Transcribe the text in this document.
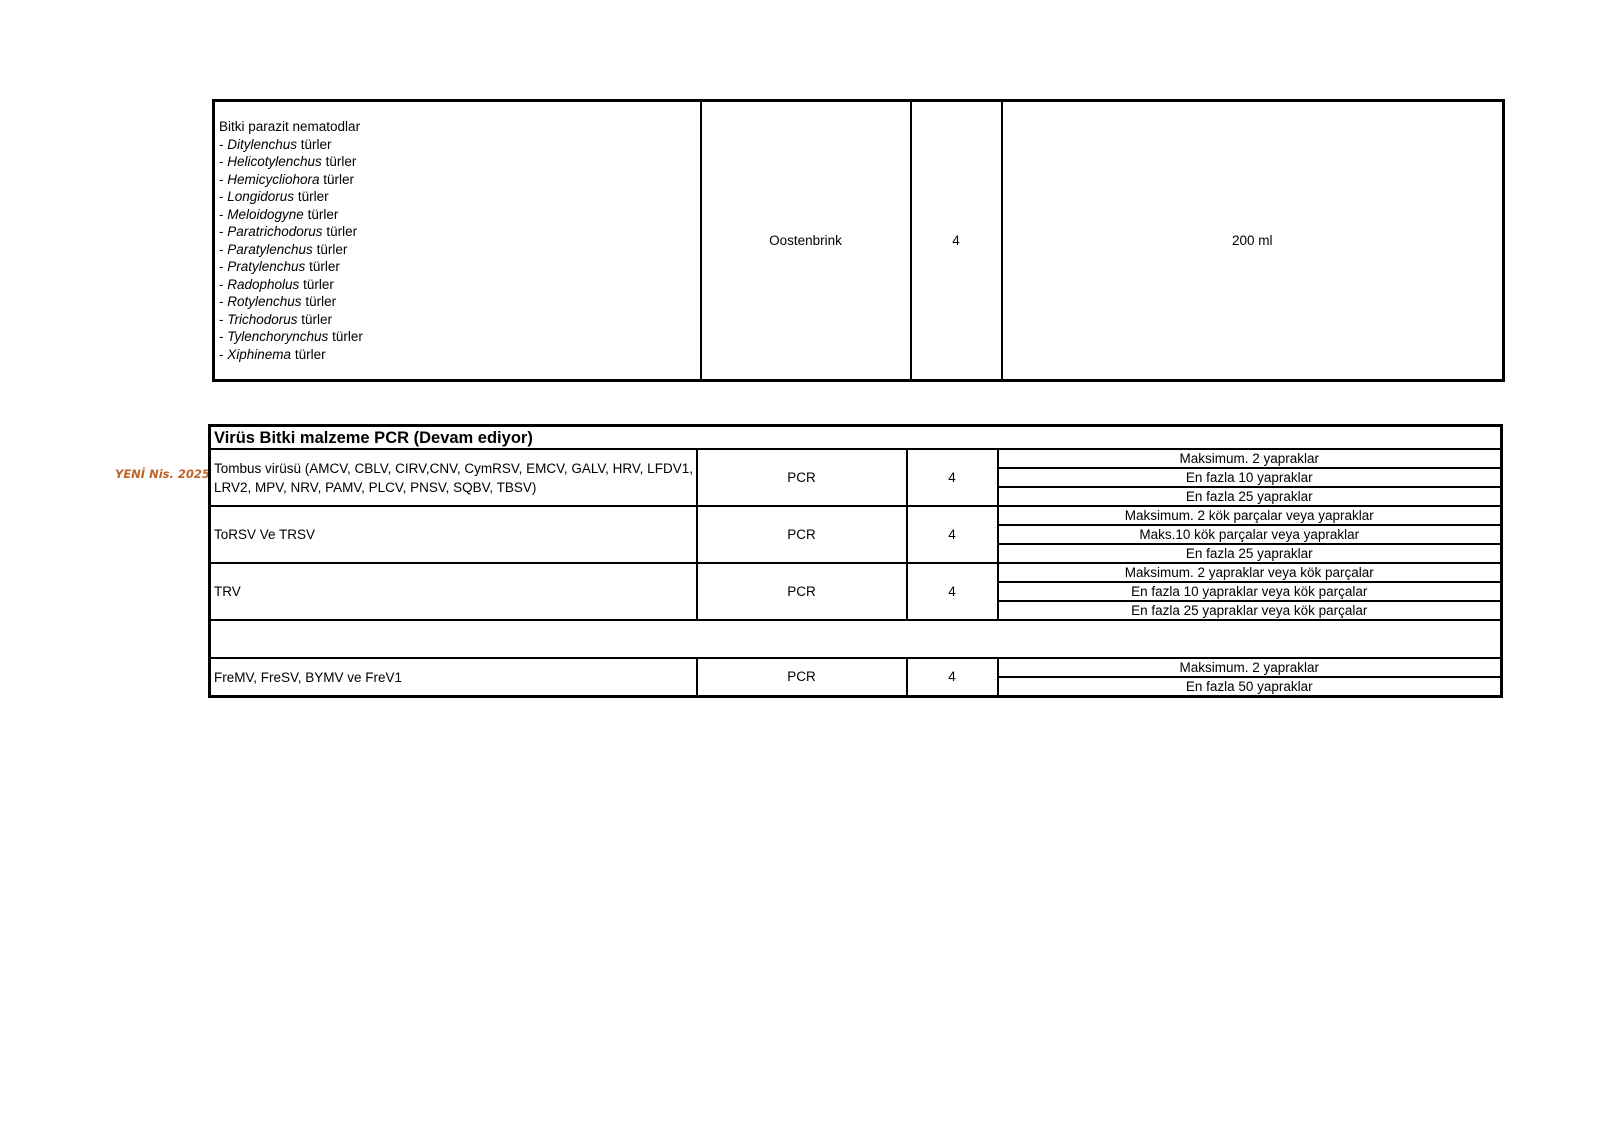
Bitki parazit nematodlar
- Ditylenchus türler
- Helicotylenchus türler
- Hemicycliohora türler
- Longidorus türler
- Meloidogyne türler
- Paratrichodorus türler
- Paratylenchus türler
- Pratylenchus türler
- Radopholus türler
- Rotylenchus türler
- Trichodorus türler
- Tylenchorynchus türler
- Xiphinema türler
	Oostenbrink	4	200 ml
YENİ Nis. 2025
Virüs Bitki malzeme PCR (Devam ediyor)			
Tombus virüsü (AMCV, CBLV, CIRV,CNV, CymRSV, EMCV, GALV, HRV, LFDV1, LRV2, MPV, NRV, PAMV, PLCV, PNSV, SQBV, TBSV)	PCR	4	Maksimum. 2 yapraklar
			En fazla 10 yapraklar
			En fazla 25 yapraklar
ToRSV Ve TRSV	PCR	4	Maksimum. 2 kök parçalar veya yapraklar
			Maks.10 kök parçalar veya yapraklar
			En fazla 25 yapraklar
TRV	PCR	4	Maksimum. 2 yapraklar veya kök parçalar
			En fazla 10 yapraklar veya kök parçalar
			En fazla 25 yapraklar veya kök parçalar

FreMV, FreSV, BYMV ve FreV1	PCR	4	Maksimum. 2 yapraklar
			En fazla 50 yapraklar
